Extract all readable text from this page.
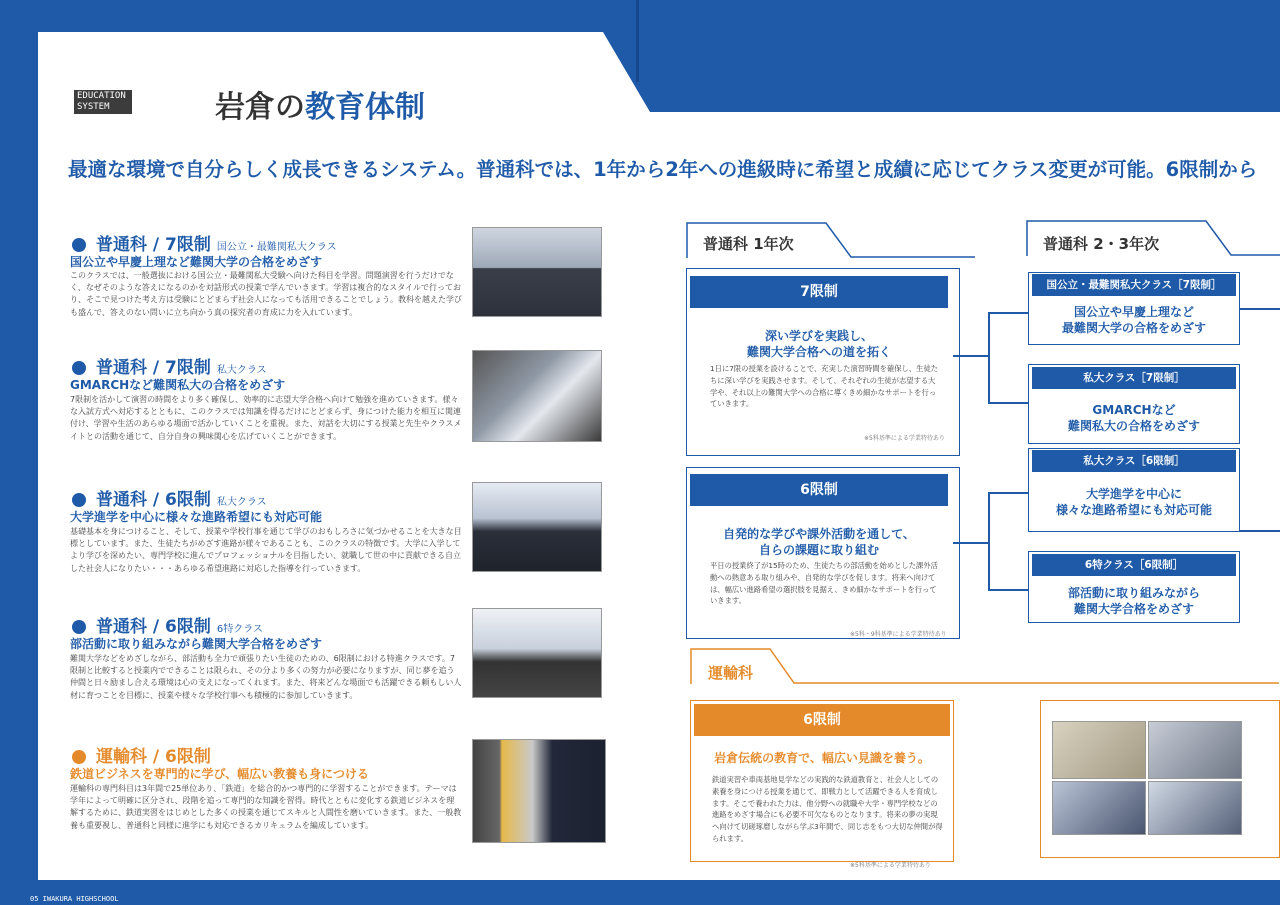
EDUCATION
SYSTEM	岩倉の教育体制
最適な環境で自分らしく成長できるシステム。普通科では、1年から2年への進級時に希望と成績に応じてクラス変更が可能。6限制から
普通科 / 7限制 国公立・最難関私大クラス
国公立や早慶上理など難関大学の合格をめざす
このクラスでは、一般選抜における国公立・最難関私大受験へ向けた科目を学習。問題演習を行うだけでなく、なぜそのような答えになるのかを対話形式の授業で学んでいきます。学習は複合的なスタイルで行っており、そこで見つけた考え方は受験にとどまらず社会人になっても活用できることでしょう。教科を越えた学びも盛んで、答えのない問いに立ち向かう真の探究者の育成に力を入れています。
普通科 / 7限制 私大クラス
GMARCHなど難関私大の合格をめざす
7限制を活かして演習の時間をより多く確保し、効率的に志望大学合格へ向けて勉強を進めていきます。様々な入試方式へ対応するとともに、このクラスでは知識を得るだけにとどまらず、身につけた能力を相互に関連付け、学習や生活のあらゆる場面で活かしていくことを重視。また、対話を大切にする授業と先生やクラスメイトとの活動を通じて、自分自身の興味関心を広げていくことができます。
普通科 / 6限制 私大クラス
大学進学を中心に様々な進路希望にも対応可能
基礎基本を身につけること、そして、授業や学校行事を通じて学びのおもしろさに気づかせることを大きな目標としています。また、生徒たちがめざす進路が様々であることも、このクラスの特徴です。大学に入学してより学びを深めたい、専門学校に進んでプロフェッショナルを目指したい、就職して世の中に貢献できる自立した社会人になりたい・・・あらゆる希望進路に対応した指導を行っていきます。
普通科 / 6限制 6特クラス
部活動に取り組みながら難関大学合格をめざす
難関大学などをめざしながら、部活動も全力で頑張りたい生徒のための、6限制における特進クラスです。7限制と比較すると授業内でできることは限られ、その分より多くの努力が必要になりますが、同じ夢を追う仲間と日々励まし合える環境は心の支えになってくれます。また、将来どんな場面でも活躍できる頼もしい人材に育つことを目標に、授業や様々な学校行事へも積極的に参加していきます。
運輸科 / 6限制
鉄道ビジネスを専門的に学び、幅広い教養も身につける
運輸科の専門科目は3年間で25単位あり、「鉄道」を総合的かつ専門的に学習することができます。テーマは学年によって明確に区分され、段階を追って専門的な知識を習得。時代とともに変化する鉄道ビジネスを理解するために、鉄道実習をはじめとした多くの授業を通じてスキルと人間性を磨いていきます。また、一般教養も重要視し、普通科と同様に進学にも対応できるカリキュラムを編成しています。
普通科 1年次
7限制
深い学びを実践し、
難関大学合格への道を拓く
1日に7限の授業を設けることで、充実した演習時間を確保し、生徒たちに深い学びを実践させます。そして、それぞれの生徒が志望する大学や、それ以上の難関大学への合格に導くきめ細かなサポートを行っていきます。
※5科基準による学業特待あり
6限制
自発的な学びや課外活動を通して、
自らの課題に取り組む
平日の授業終了が15時のため、生徒たちの部活動を始めとした課外活動への熱意ある取り組みや、自発的な学びを促します。将来へ向けては、幅広い進路希望の選択肢を見据え、きめ細かなサポートを行っていきます。
※5科・9科基準による学業特待あり
普通科 2・3年次
国公立・最難関私大クラス［7限制］
国公立や早慶上理など
最難関大学の合格をめざす
私大クラス［7限制］
GMARCHなど
難関私大の合格をめざす
私大クラス［6限制］
大学進学を中心に
様々な進路希望にも対応可能
6特クラス［6限制］
部活動に取り組みながら
難関大学合格をめざす
運輸科
6限制
岩倉伝統の教育で、幅広い見識を養う。
鉄道実習や車両基地見学などの実践的な鉄道教育と、社会人としての素養を身につける授業を通じて、即戦力として活躍できる人を育成します。そこで養われた力は、他分野への就職や大学・専門学校などの進路をめざす場合にも必要不可欠なものとなります。将来の夢の実現へ向けて切磋琢磨しながら学ぶ3年間で、同じ志をもつ大切な仲間が得られます。
※5科基準による学業特待あり
05 IWAKURA HIGHSCHOOL
